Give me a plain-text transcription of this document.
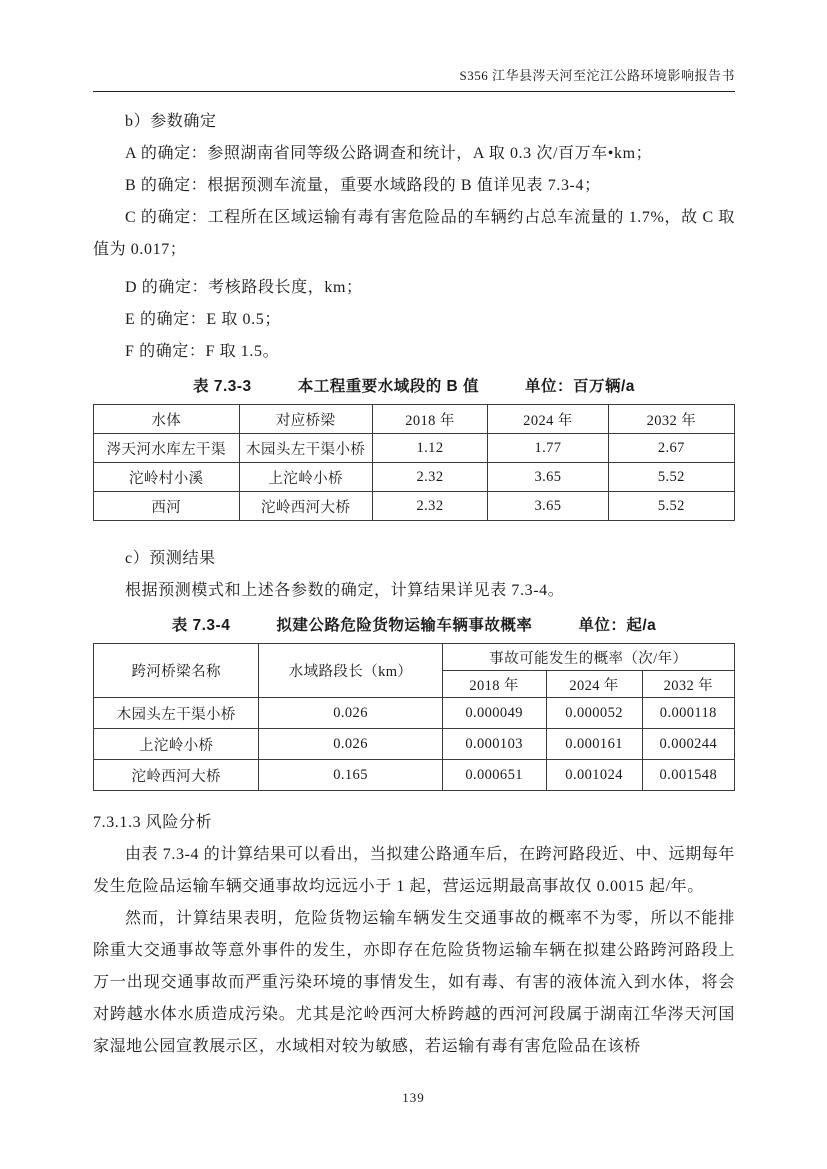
S356 江华县涔天河至沱江公路环境影响报告书

b）参数确定

A 的确定：参照湖南省同等级公路调查和统计，A 取 0.3 次/百万车•km；

B 的确定：根据预测车流量，重要水域路段的 B 值详见表 7.3-4；

C 的确定：工程所在区域运输有毒有害危险品的车辆约占总车流量的 1.7%，故 C 取值为 0.017；

D 的确定：考核路段长度，km；

E 的确定：E 取 0.5；

F 的确定：F 取 1.5。

表 7.3-3	本工程重要水域段的 B 值	单位：百万辆/a
水体	对应桥梁	2018 年	2024 年	2032 年
涔天河水库左干渠	木园头左干渠小桥	1.12	1.77	2.67
沱岭村小溪	上沱岭小桥	2.32	3.65	5.52
西河	沱岭西河大桥	2.32	3.65	5.52

c）预测结果

根据预测模式和上述各参数的确定，计算结果详见表 7.3-4。

表 7.3-4	拟建公路危险货物运输车辆事故概率	单位：起/a
跨河桥梁名称	水域路段长（km）	事故可能发生的概率（次/年）		
		2018 年	2024 年	2032 年
木园头左干渠小桥	0.026	0.000049	0.000052	0.000118
上沱岭小桥	0.026	0.000103	0.000161	0.000244
沱岭西河大桥	0.165	0.000651	0.001024	0.001548

7.3.1.3 风险分析

由表 7.3-4 的计算结果可以看出，当拟建公路通车后，在跨河路段近、中、远期每年发生危险品运输车辆交通事故均远远小于 1 起，营运远期最高事故仅 0.0015 起/年。

然而，计算结果表明，危险货物运输车辆发生交通事故的概率不为零，所以不能排除重大交通事故等意外事件的发生，亦即存在危险货物运输车辆在拟建公路跨河路段上万一出现交通事故而严重污染环境的事情发生，如有毒、有害的液体流入到水体，将会对跨越水体水质造成污染。尤其是沱岭西河大桥跨越的西河河段属于湖南江华涔天河国家湿地公园宣教展示区，水域相对较为敏感，若运输有毒有害危险品在该桥

139
